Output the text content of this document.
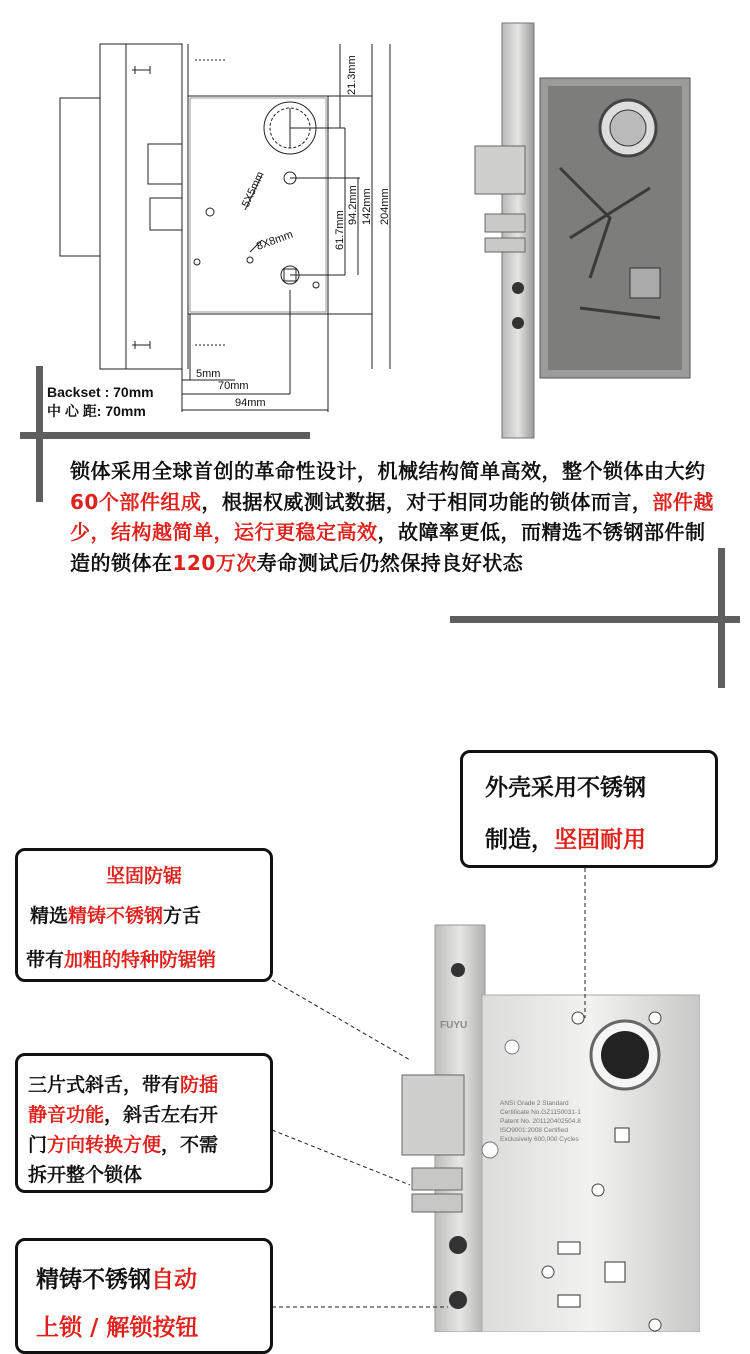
21.3mm
61.7mm
94.2mm 142mm 204mm
5X5mm
8X8mm
5mm
70mm
94mm
Backset : 70mm
中 心 距: 70mm
锁体采用全球首创的革命性设计，机械结构简单高效，整个锁体由大约60个部件组成，根据权威测试数据，对于相同功能的锁体而言，部件越少，结构越简单，运行更稳定高效，故障率更低，而精选不锈钢部件制造的锁体在120万次寿命测试后仍然保持良好状态
FUYU
ANSI Grade 2 Standard
Certificate No.GZ1150031-1
Patent No. 201120402504.8
ISO9001:2008 Certified
Exclusively 600,000 Cycles
外壳采用不锈钢
制造，坚固耐用
坚固防锯
精选精铸不锈钢方舌
带有加粗的特种防锯销
三片式斜舌，带有防插
静音功能，斜舌左右开
门方向转换方便，不需
拆开整个锁体
精铸不锈钢自动
上锁 / 解锁按钮
